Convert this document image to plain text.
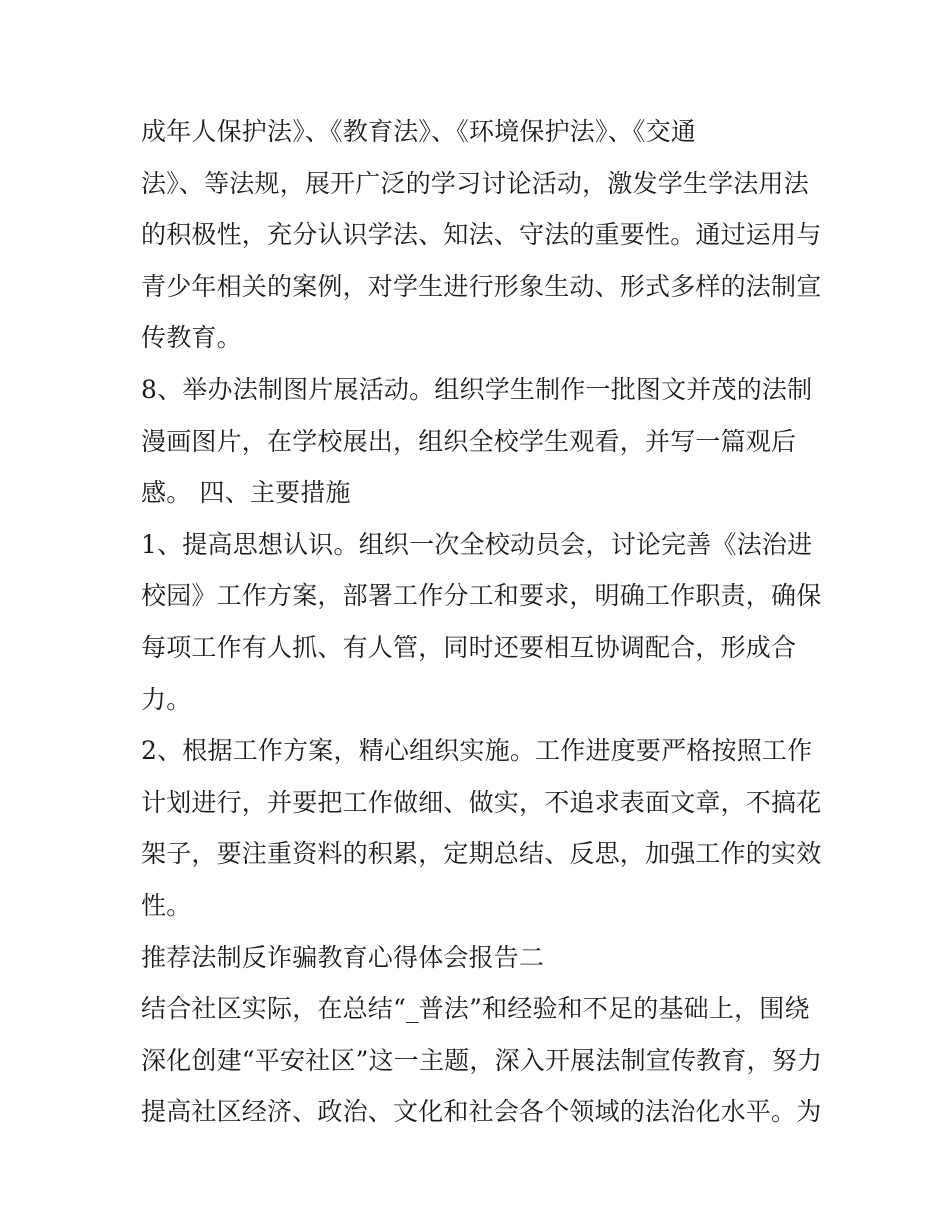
成年人保护法》、《教育法》、《环境保护法》、《交通
法》、等法规，展开广泛的学习讨论活动，激发学生学法用法
的积极性，充分认识学法、知法、守法的重要性。通过运用与
青少年相关的案例，对学生进行形象生动、形式多样的法制宣
传教育。
8、举办法制图片展活动。组织学生制作一批图文并茂的法制
漫画图片，在学校展出，组织全校学生观看，并写一篇观后
感。 四、主要措施
1、提高思想认识。组织一次全校动员会，讨论完善《法治进
校园》工作方案，部署工作分工和要求，明确工作职责，确保
每项工作有人抓、有人管，同时还要相互协调配合，形成合
力。
2、根据工作方案，精心组织实施。工作进度要严格按照工作
计划进行，并要把工作做细、做实，不追求表面文章，不搞花
架子，要注重资料的积累，定期总结、反思，加强工作的实效
性。
推荐法制反诈骗教育心得体会报告二
结合社区实际，在总结“_普法”和经验和不足的基础上，围绕
深化创建“平安社区”这一主题，深入开展法制宣传教育，努力
提高社区经济、政治、文化和社会各个领域的法治化水平。为
